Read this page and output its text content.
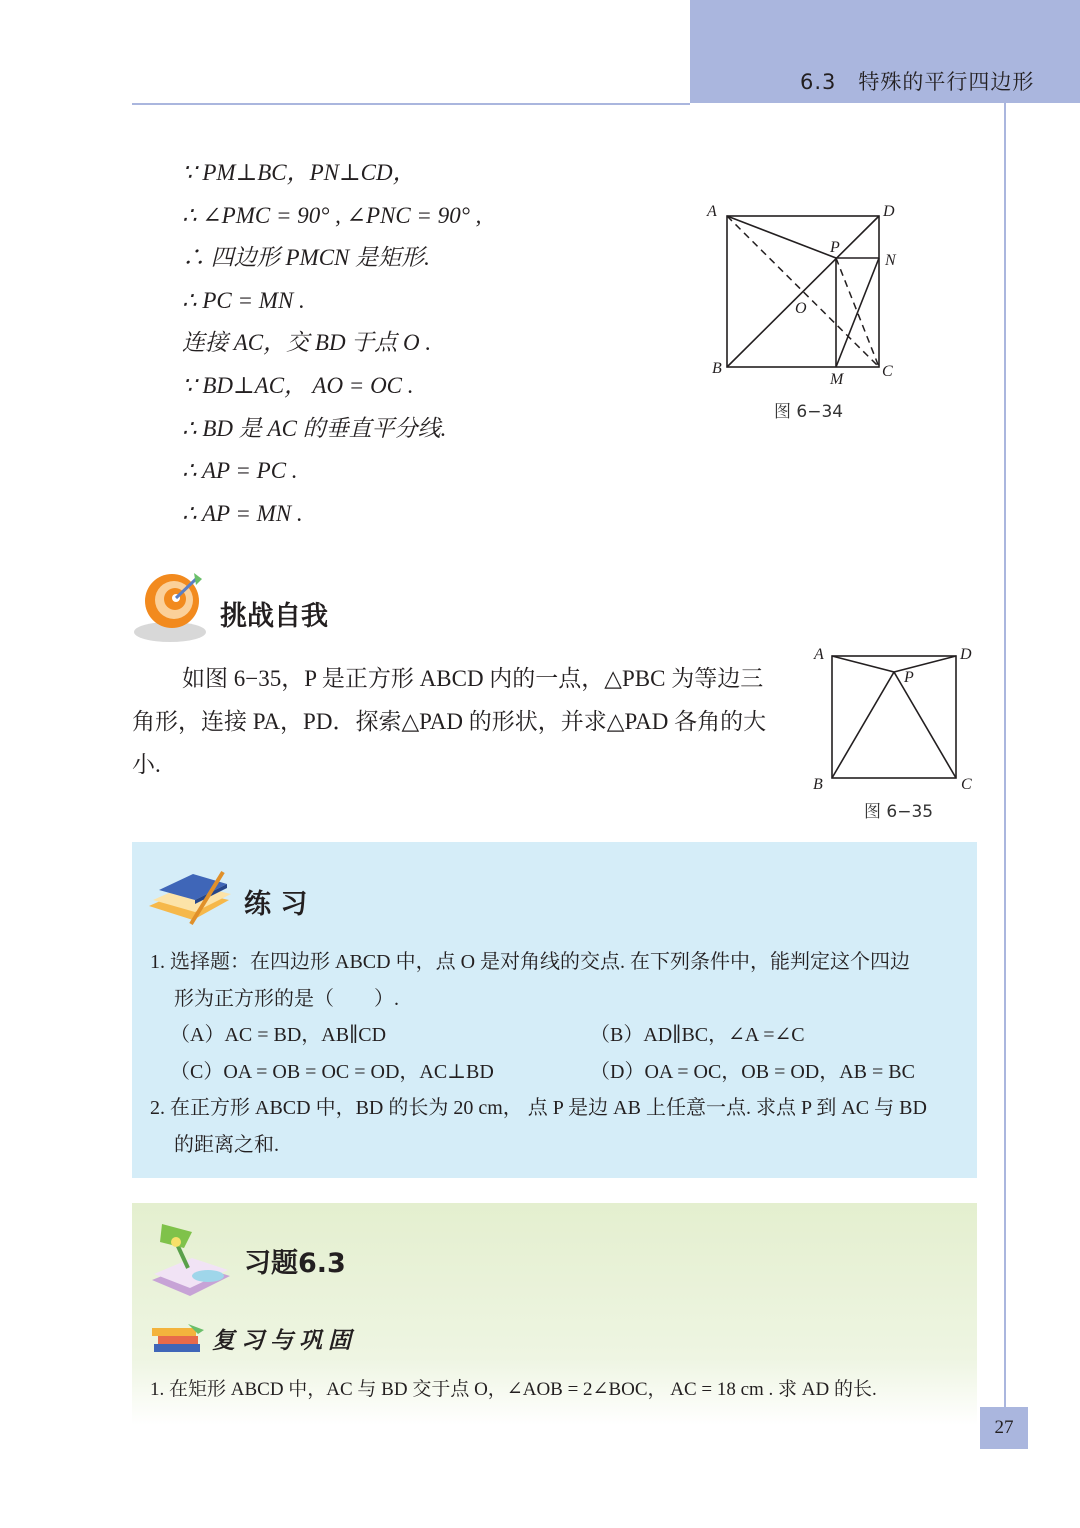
6.3　特殊的平行四边形
∵ PM⊥BC，PN⊥CD，
∴ ∠PMC = 90° , ∠PNC = 90° ,
∴ 四边形 PMCN 是矩形.
∴ PC = MN .
连接 AC，交 BD 于点 O .
∵ BD⊥AC， AO = OC .
∴ BD 是 AC 的垂直平分线.
∴ AP = PC .
∴ AP = MN .
A	D
P
N
O
B
M C
图 6−34
挑战自我
如图 6−35，P 是正方形 ABCD 内的一点，△PBC 为等边三角形，连接 PA，PD．探索△PAD 的形状，并求△PAD 各角的大小.
A	D
P
B	C
图 6−35
练 习
1. 选择题：在四边形 ABCD 中，点 O 是对角线的交点. 在下列条件中，能判定这个四边
形为正方形的是（　　）.
（A）AC = BD，AB∥CD	（B）AD∥BC，∠A =∠C
（C）OA = OB = OC = OD，AC⊥BD	（D）OA = OC，OB = OD，AB = BC
2. 在正方形 ABCD 中，BD 的长为 20 cm， 点 P 是边 AB 上任意一点. 求点 P 到 AC 与 BD
的距离之和.
习题6.3
复习与巩固
1. 在矩形 ABCD 中，AC 与 BD 交于点 O，∠AOB = 2∠BOC， AC = 18 cm . 求 AD 的长.
27
